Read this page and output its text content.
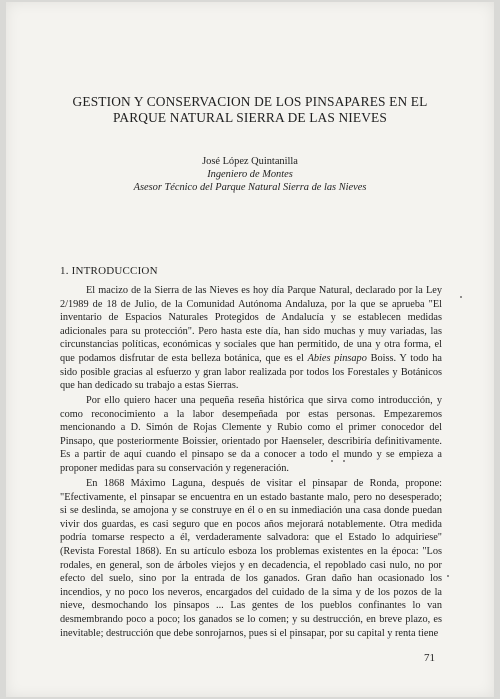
GESTION Y CONSERVACION DE LOS PINSAPARES EN EL
PARQUE NATURAL SIERRA DE LAS NIEVES
José López Quintanilla
Ingeniero de Montes
Asesor Técnico del Parque Natural Sierra de las Nieves
1. INTRODUCCION

El macizo de la Sierra de las Nieves es hoy día Parque Natural, declarado por la Ley 2/1989 de 18 de Julio, de la Comunidad Autónoma Andaluza, por la que se aprueba "El inventario de Espacios Naturales Protegidos de Andalucía y se establecen medidas adicionales para su protección". Pero hasta este día, han sido muchas y muy variadas, las circunstancias políticas, económicas y sociales que han permitido, de una y otra forma, el que podamos disfrutar de esta belleza botánica, que es el Abies pinsapo Boiss. Y todo ha sido posible gracias al esfuerzo y gran labor realizada por todos los Forestales y Botánicos que han dedicado su trabajo a estas Sierras.

Por ello quiero hacer una pequeña reseña histórica que sirva como introducción, y como reconocimiento a la labor desempeñada por estas personas. Empezaremos mencionando a D. Simón de Rojas Clemente y Rubio como el primer conocedor del Pinsapo, que posteriormente Boissier, orientado por Haenseler, describiría definitivamente. Es a partir de aquí cuando el pinsapo se da a conocer a todo el mundo y se empieza a proponer medidas para su conservación y regeneración.

En 1868 Máximo Laguna, después de visitar el pinsapar de Ronda, propone: "Efectivamente, el pinsapar se encuentra en un estado bastante malo, pero no desesperado; si se deslinda, se amojona y se construye en él o en su inmediación una casa donde puedan vivir dos guardas, es casi seguro que en pocos años mejorará notablemente. Otra medida podría tomarse respecto a él, verdaderamente salvadora: que el Estado lo adquiriese" (Revista Forestal 1868). En su artículo esboza los problemas existentes en la época: "Los rodales, en general, son de árboles viejos y en decadencia, el repoblado casi nulo, no por efecto del suelo, sino por la entrada de los ganados. Gran daño han ocasionado los incendios, y no poco los neveros, encargados del cuidado de la sima y de los pozos de la nieve, desmochando los pinsapos ... Las gentes de los pueblos confinantes lo van desmembrando poco a poco; los ganados se lo comen; y su destrucción, en breve plazo, es inevitable; destrucción que debe sonrojarnos, pues si el pinsapar, por su capital y renta tiene

71
